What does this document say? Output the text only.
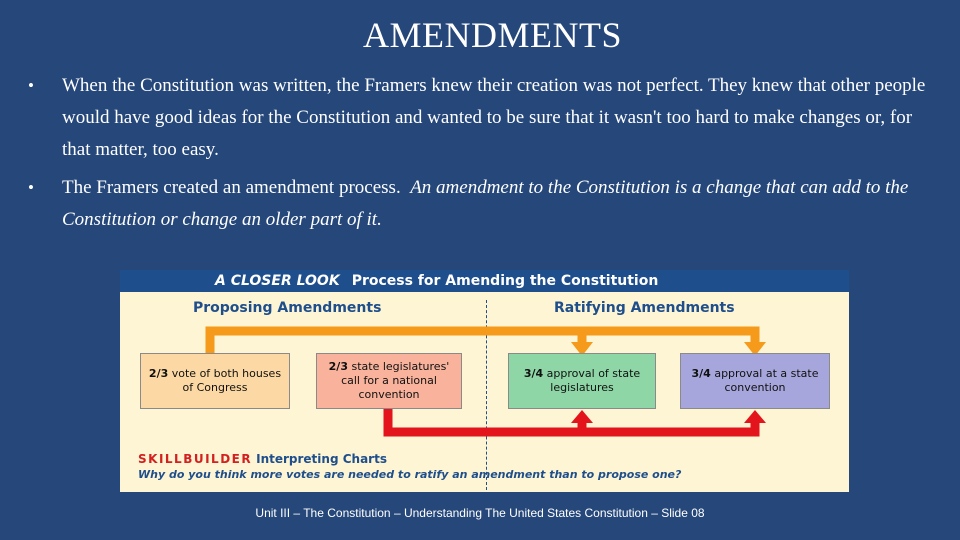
AMENDMENTS
•	When the Constitution was written, the Framers knew their creation was not perfect. They knew that other people would have good ideas for the Constitution and wanted to be sure that it wasn't too hard to make changes or, for that matter, too easy.
•	The Framers created an amendment process.  An amendment to the Constitution is a change that can add to the Constitution or change an older part of it.
A CLOSER LOOK Process for Amending the Constitution
Proposing Amendments	Ratifying Amendments
2/3 vote of both houses of Congress
2/3 state legislatures' call for a national convention
3/4 approval of state legislatures
3/4 approval at a state convention
SKILLBUILDER Interpreting Charts
Why do you think more votes are needed to ratify an amendment than to propose one?
Unit III – The Constitution – Understanding The United States Constitution – Slide 08
